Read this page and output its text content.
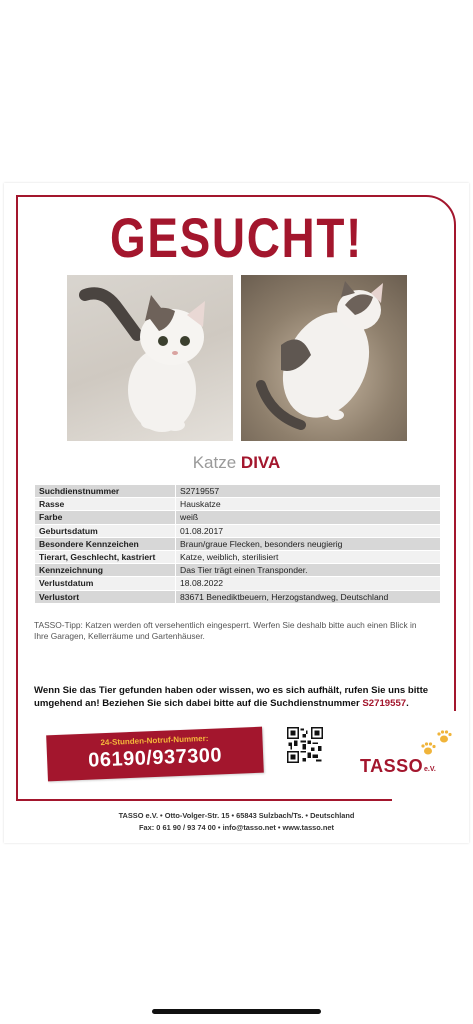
GESUCHT!
Katze DIVA
Suchdienstnummer	S2719557
Rasse	Hauskatze
Farbe	weiß
Geburtsdatum	01.08.2017
Besondere Kennzeichen	Braun/graue Flecken, besonders neugierig
Tierart, Geschlecht, kastriert	Katze, weiblich, sterilisiert
Kennzeichnung	Das Tier trägt einen Transponder.
Verlustdatum	18.08.2022
Verlustort	83671 Benediktbeuern, Herzogstandweg, Deutschland
TASSO-Tipp: Katzen werden oft versehentlich eingesperrt. Werfen Sie deshalb bitte auch einen Blick in
Ihre Garagen, Kellerräume und Gartenhäuser.
Wenn Sie das Tier gefunden haben oder wissen, wo es sich aufhält, rufen Sie uns bitte umgehend an! Beziehen Sie sich dabei bitte auf die Suchdienstnummer S2719557.
24-Stunden-Notruf-Nummer:
06190/937300	TASSO e.V.
TASSO e.V. • Otto-Volger-Str. 15 • 65843 Sulzbach/Ts. • Deutschland
Fax: 0 61 90 / 93 74 00 • info@tasso.net • www.tasso.net
